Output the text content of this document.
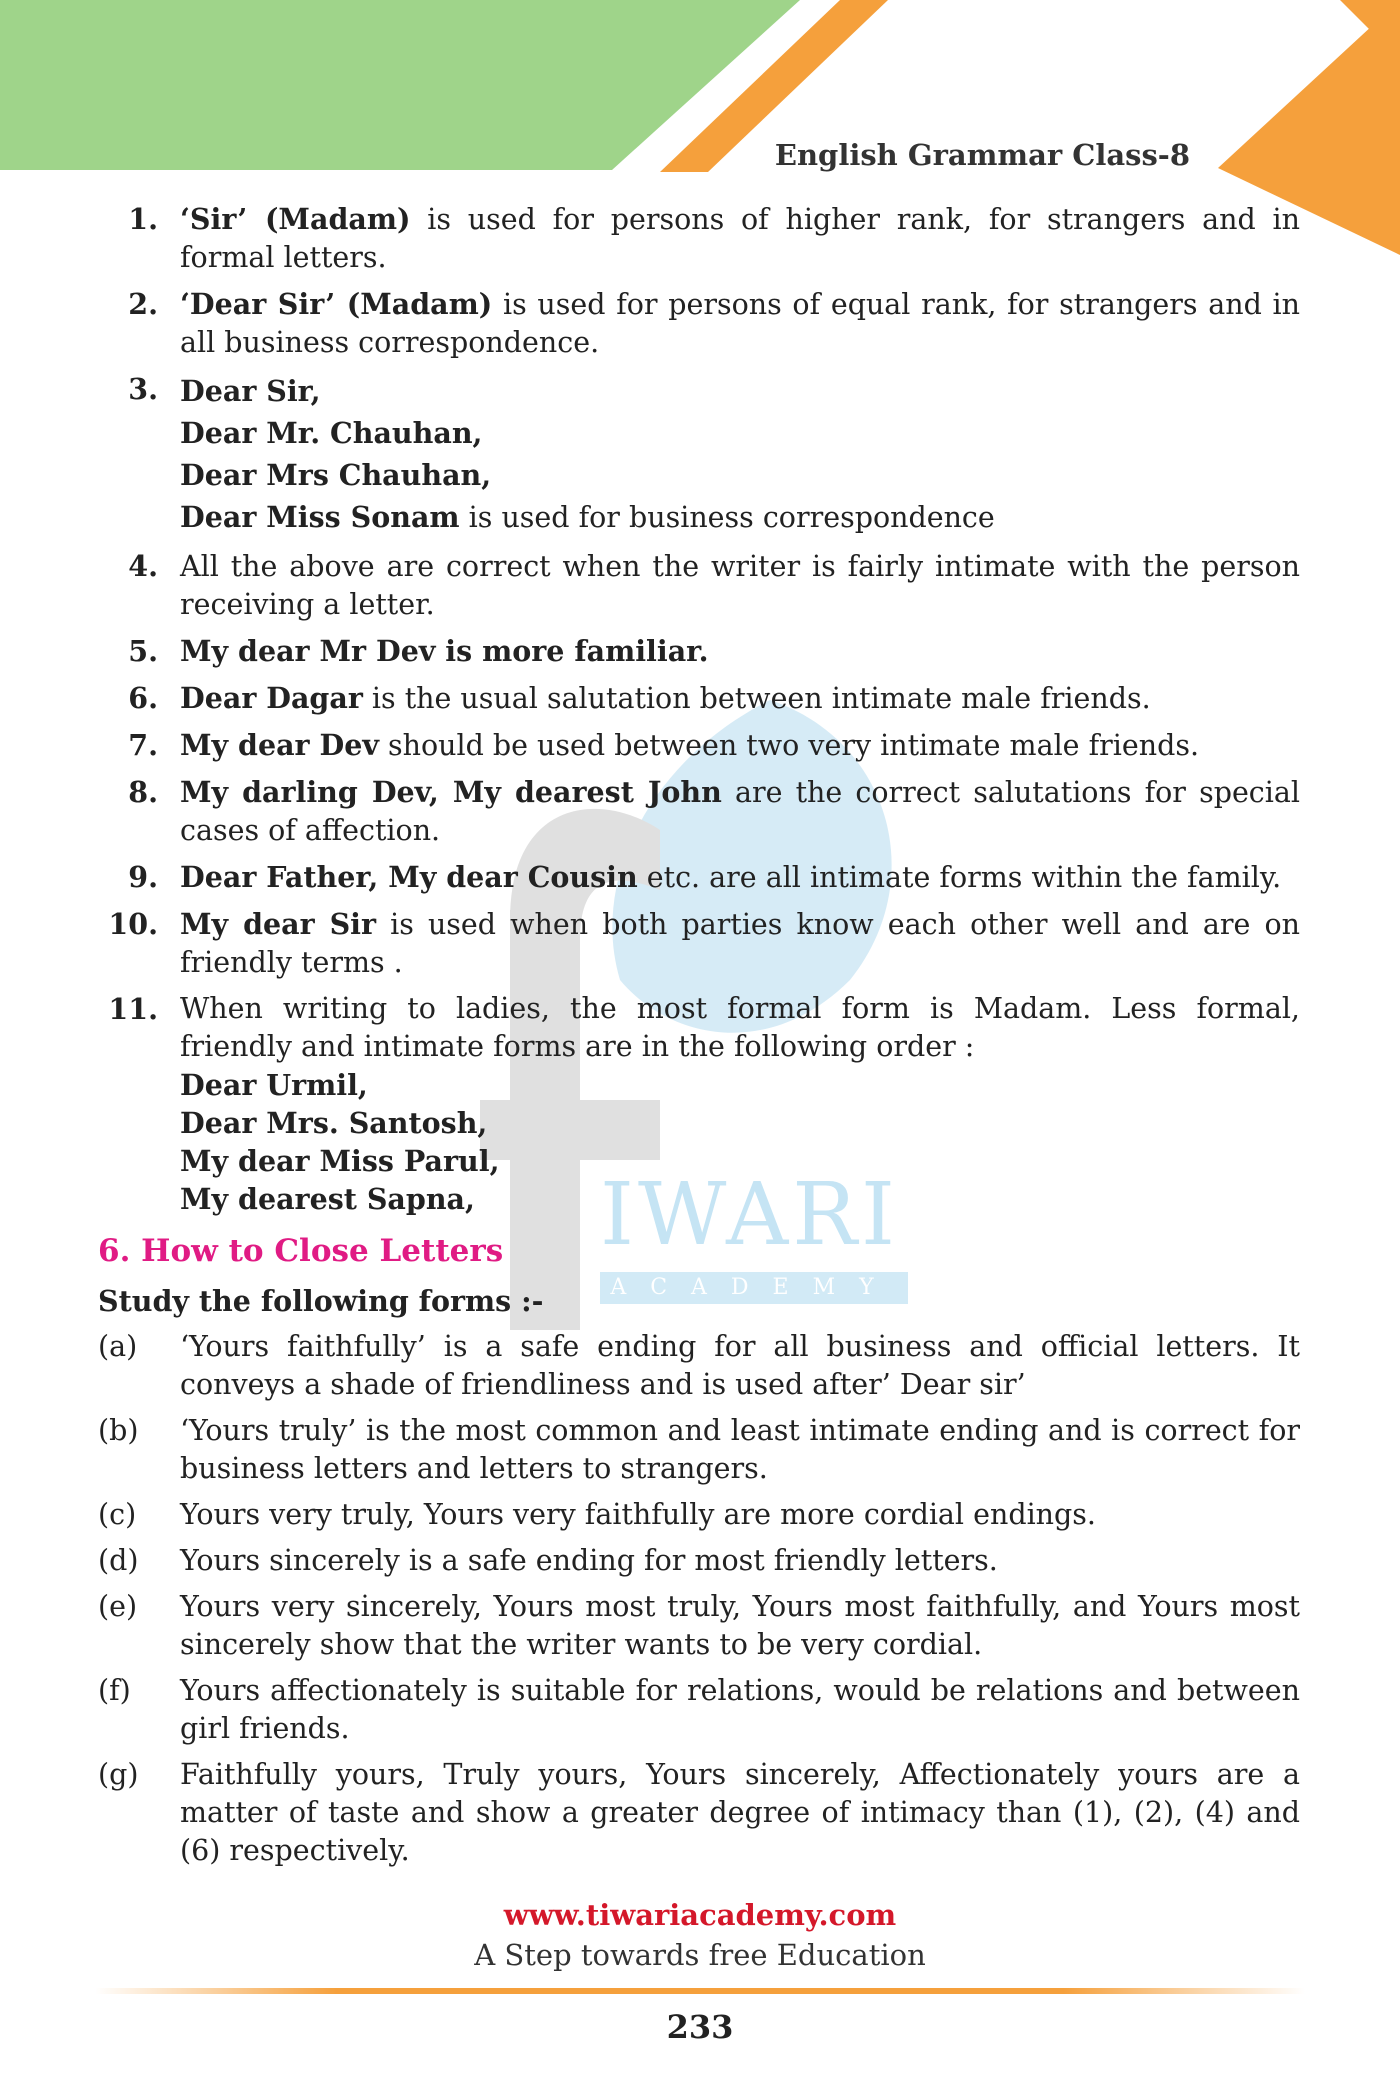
English Grammar Class-8
IWARI
ACADEMY
1. ‘Sir’ (Madam) is used for persons of higher rank, for strangers and in formal letters.
2. ‘Dear Sir’ (Madam) is used for persons of equal rank, for strangers and in all business correspondence.
3. Dear Sir,
Dear Mr. Chauhan,
Dear Mrs Chauhan,
Dear Miss Sonam is used for business correspondence
4. All the above are correct when the writer is fairly intimate with the person receiving a letter.
5. My dear Mr Dev is more familiar.
6. Dear Dagar is the usual salutation between intimate male friends.
7. My dear Dev should be used between two very intimate male friends.
8. My darling Dev, My dearest John are the correct salutations for special cases of affection.
9. Dear Father, My dear Cousin etc. are all intimate forms within the family.
10. My dear Sir is used when both parties know each other well and are on friendly terms .
11. When writing to ladies, the most formal form is Madam. Less formal, friendly and intimate forms are in the following order :
Dear Urmil,
Dear Mrs. Santosh,
My dear Miss Parul,
My dearest Sapna,
6. How to Close Letters
Study the following forms :-
(a)	‘Yours faithfully’ is a safe ending for all business and official letters. It conveys a shade of friendliness and is used after’ Dear sir’
(b)	‘Yours truly’ is the most common and least intimate ending and is correct for business letters and letters to strangers.
(c)	Yours very truly, Yours very faithfully are more cordial endings.
(d)	Yours sincerely is a safe ending for most friendly letters.
(e)	Yours very sincerely, Yours most truly, Yours most faithfully, and Yours most sincerely show that the writer wants to be very cordial.
(f)	Yours affectionately is suitable for relations, would be relations and between girl friends.
(g)	Faithfully yours, Truly yours, Yours sincerely, Affectionately yours are a matter of taste and show a greater degree of intimacy than (1), (2), (4) and (6) respectively.
www.tiwariacademy.com
A Step towards free Education
233
